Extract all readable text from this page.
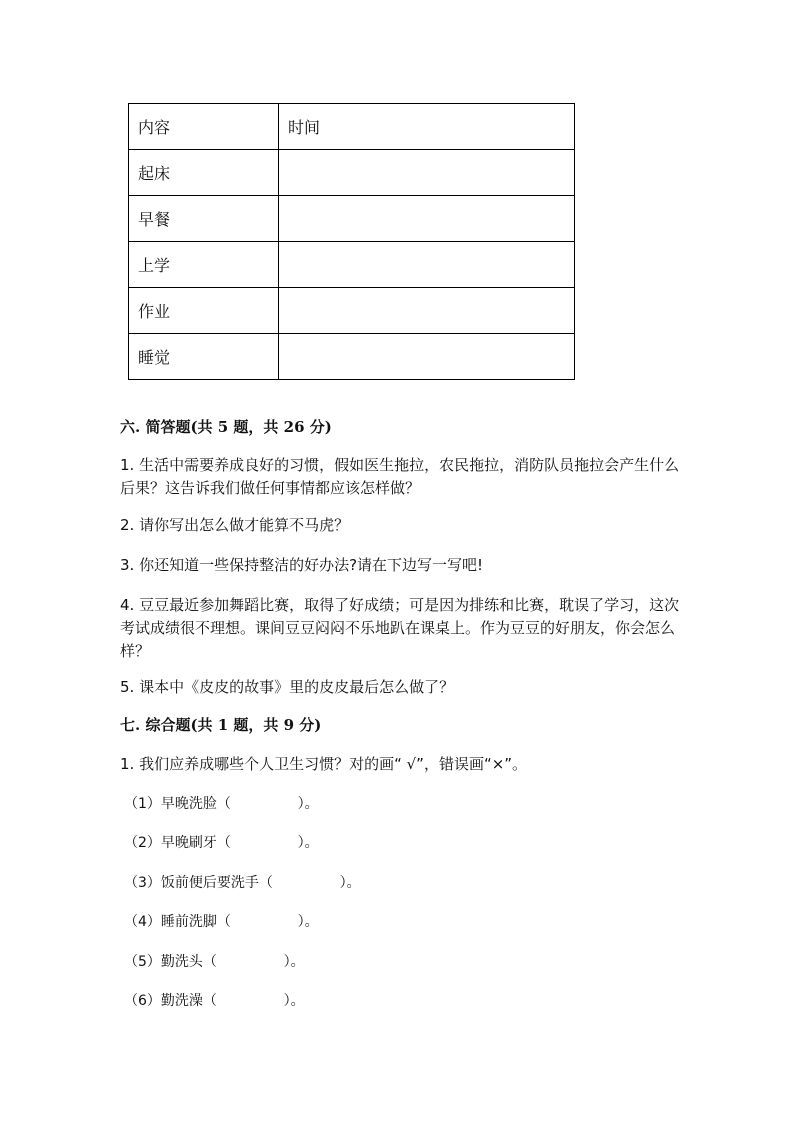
内容	时间
起床	
早餐	
上学	
作业	
睡觉	
六. 简答题(共 5 题，共 26 分)
1. 生活中需要养成良好的习惯，假如医生拖拉，农民拖拉，消防队员拖拉会产生什么后果？这告诉我们做任何事情都应该怎样做？
2. 请你写出怎么做才能算不马虎？
3. 你还知道一些保持整洁的好办法?请在下边写一写吧!
4. 豆豆最近参加舞蹈比赛，取得了好成绩；可是因为排练和比赛，耽误了学习，这次考试成绩很不理想。课间豆豆闷闷不乐地趴在课桌上。作为豆豆的好朋友，你会怎么样？
5. 课本中《皮皮的故事》里的皮皮最后怎么做了？
七. 综合题(共 1 题，共 9 分)
1. 我们应养成哪些个人卫生习惯？对的画“ √”，错误画“×”。
（1）早晚洗脸（               ）。
（2）早晚刷牙（               ）。
（3）饭前便后要洗手（               ）。
（4）睡前洗脚（               ）。
（5）勤洗头（               ）。
（6）勤洗澡（               ）。
